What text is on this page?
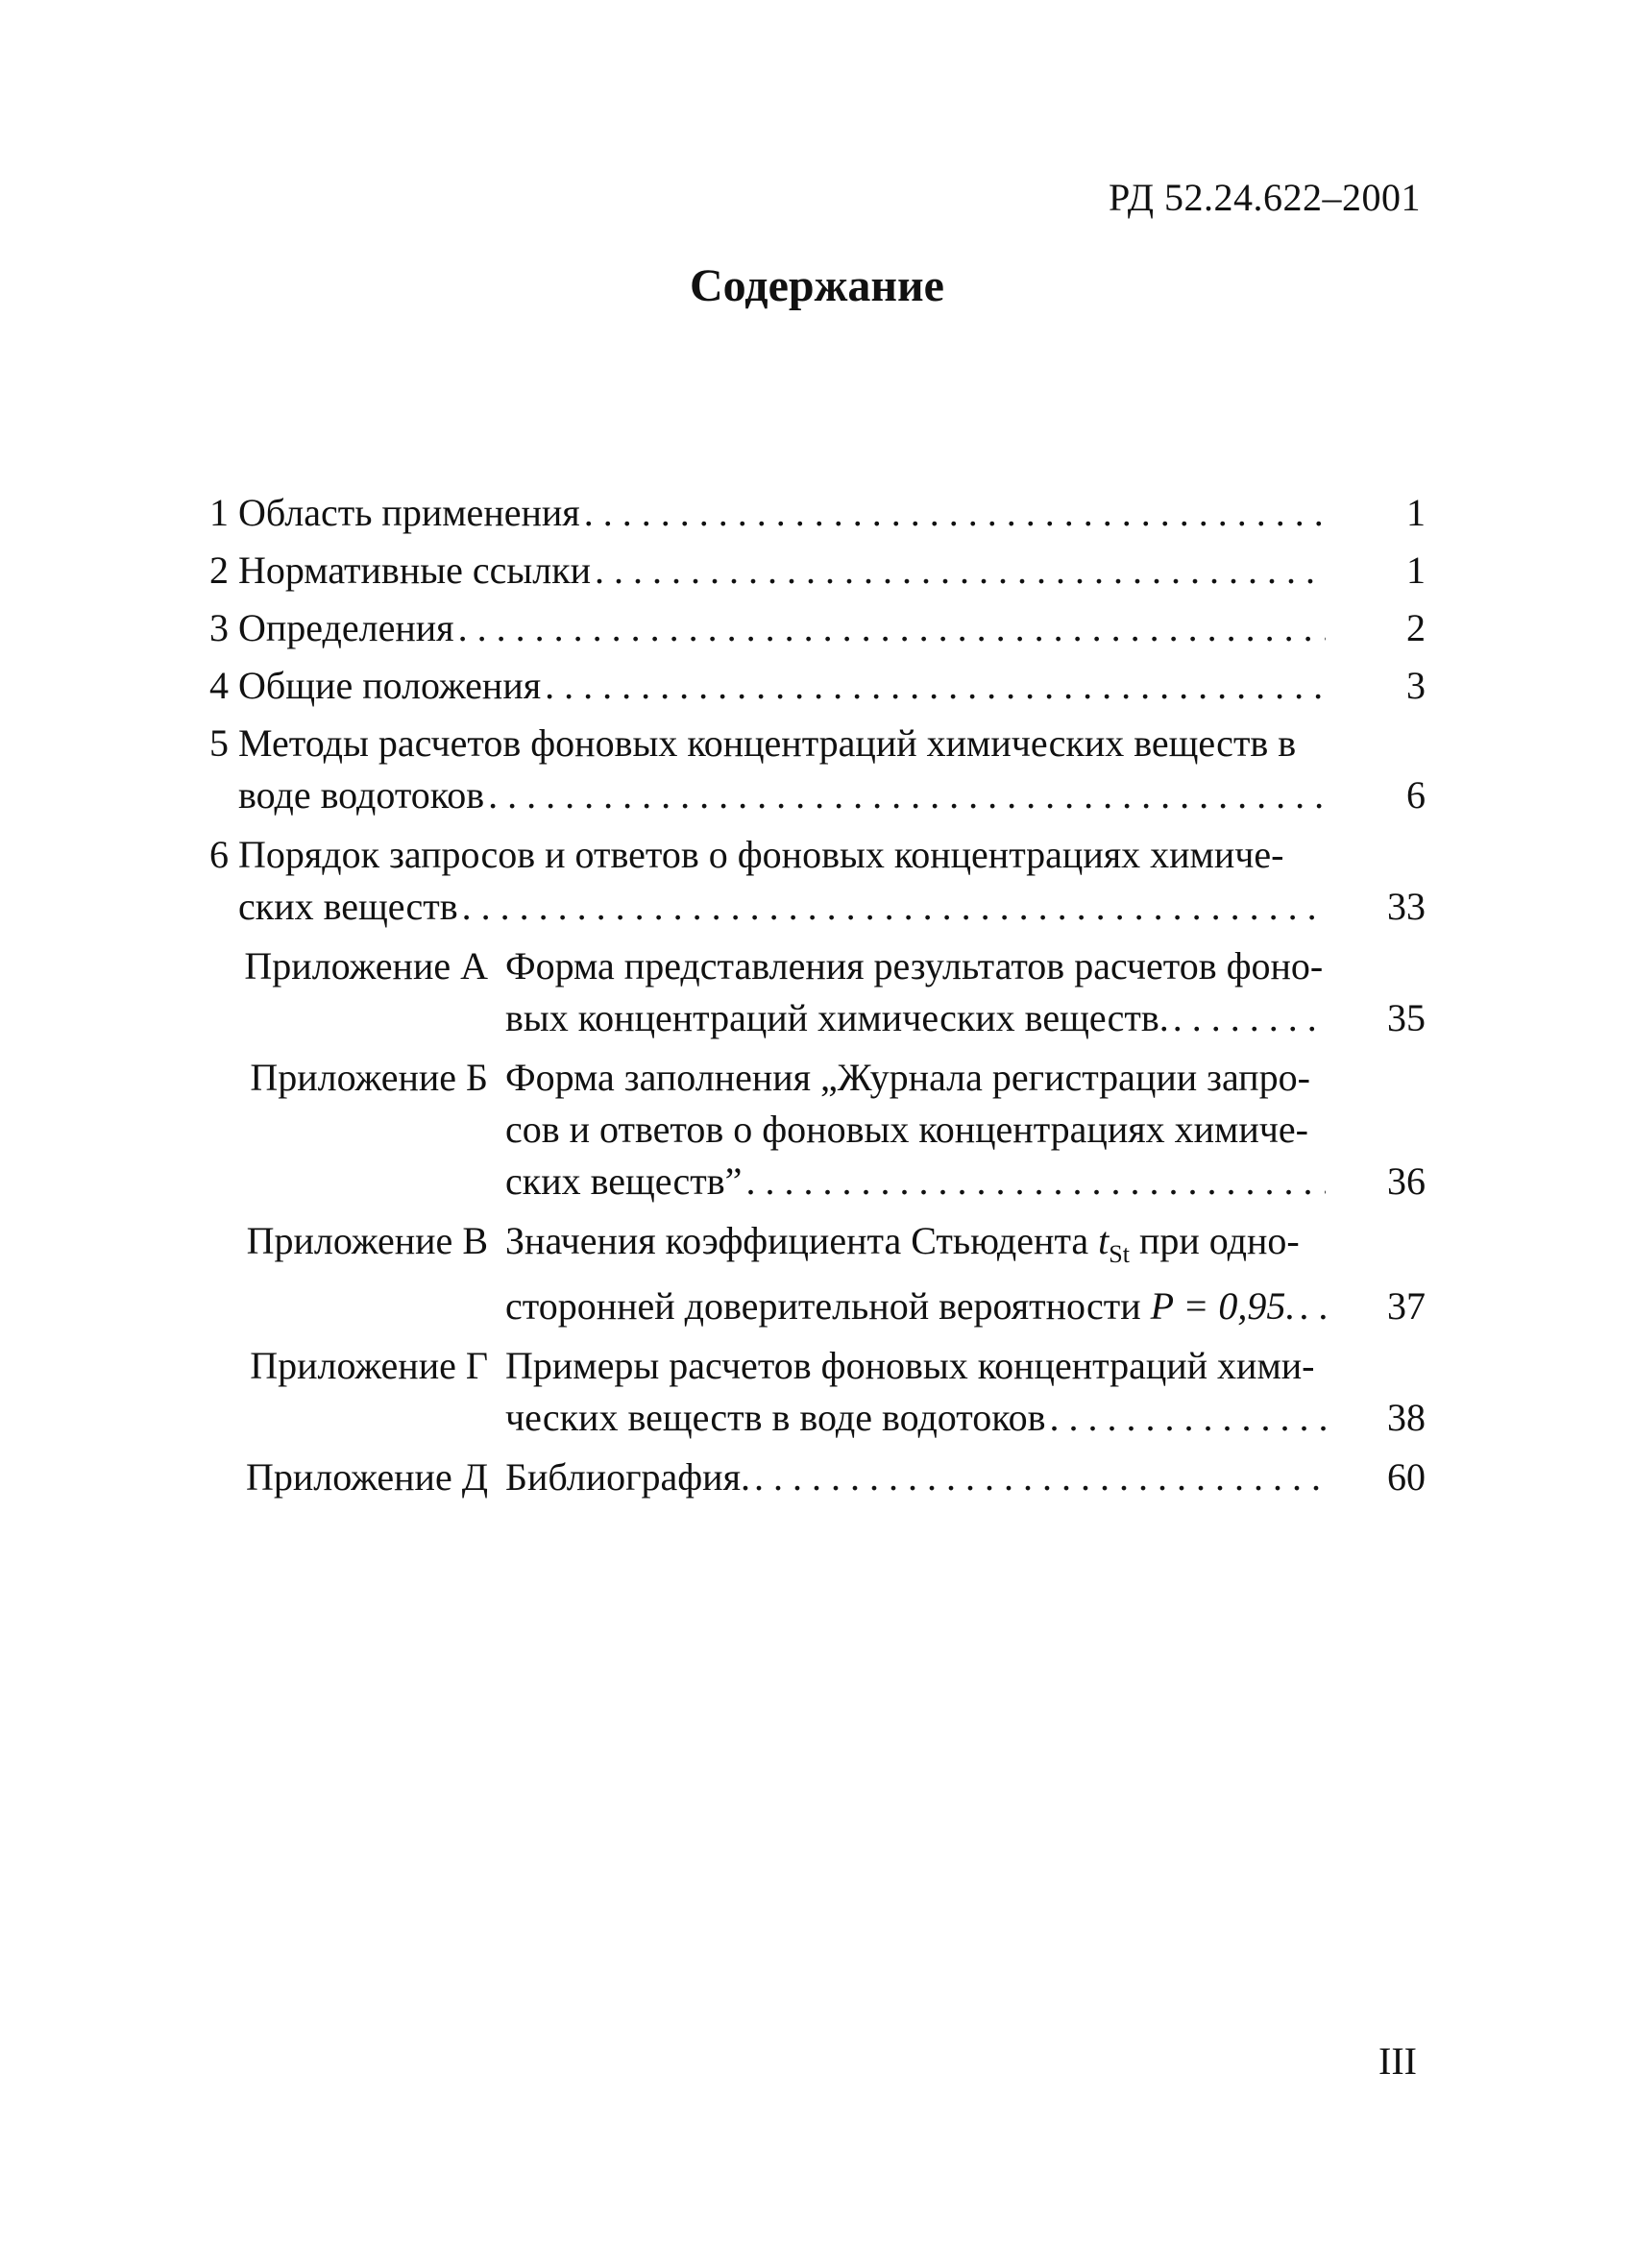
РД 52.24.622–2001
Содержание
1 Область применения . . .	1
2 Нормативные ссылки . . .	1
3 Определения . . .	2
4 Общие положения . . .	3
5 Методы расчетов фоновых концентраций химических веществ в
воде водотоков . . .	6
6 Порядок запросов и ответов о фоновых концентрациях химиче-
ских веществ . . .	33
Приложение А Форма представления результатов расчетов фоно-
вых концентраций химических веществ. . . .	35
Приложение Б Форма заполнения „Журнала регистрации запро-
сов и ответов о фоновых концентрациях химиче-
ских веществ” . . .	36
Приложение В Значения коэффициента Стьюдента $t_{St}$ при одно-
сторонней доверительной вероятности P = 0,95. . . .	37
Приложение Г Примеры расчетов фоновых концентраций хими-
ческих веществ в воде водотоков . . .	38
Приложение Д Библиография. . . .	60
III
